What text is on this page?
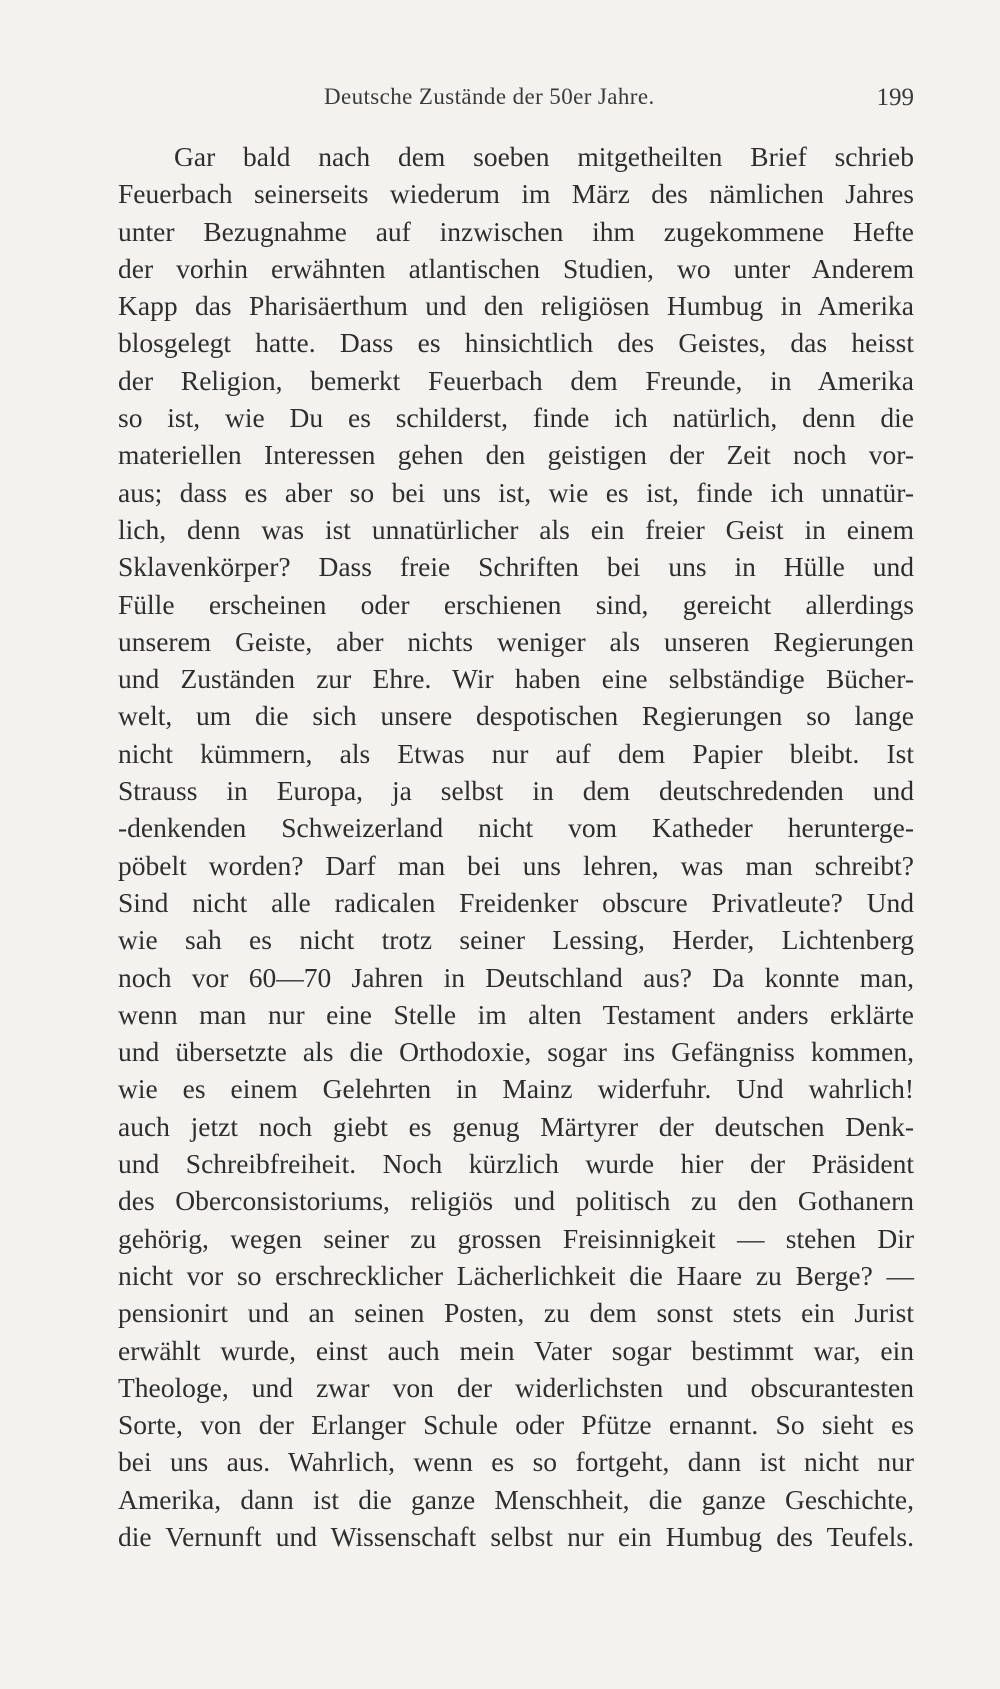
Deutsche Zustände der 50er Jahre.	199
Gar bald nach dem soeben mitgetheilten Brief schrieb
Feuerbach seinerseits wiederum im März des nämlichen Jahres
unter Bezugnahme auf inzwischen ihm zugekommene Hefte
der vorhin erwähnten atlantischen Studien, wo unter Anderem
Kapp das Pharisäerthum und den religiösen Humbug in Amerika
blosgelegt hatte. Dass es hinsichtlich des Geistes, das heisst
der Religion, bemerkt Feuerbach dem Freunde, in Amerika
so ist, wie Du es schilderst, finde ich natürlich, denn die
materiellen Interessen gehen den geistigen der Zeit noch vor-
aus; dass es aber so bei uns ist, wie es ist, finde ich unnatür-
lich, denn was ist unnatürlicher als ein freier Geist in einem
Sklavenkörper? Dass freie Schriften bei uns in Hülle und
Fülle erscheinen oder erschienen sind, gereicht allerdings
unserem Geiste, aber nichts weniger als unseren Regierungen
und Zuständen zur Ehre. Wir haben eine selbständige Bücher-
welt, um die sich unsere despotischen Regierungen so lange
nicht kümmern, als Etwas nur auf dem Papier bleibt. Ist
Strauss in Europa, ja selbst in dem deutschredenden und
-denkenden Schweizerland nicht vom Katheder herunterge-
pöbelt worden? Darf man bei uns lehren, was man schreibt?
Sind nicht alle radicalen Freidenker obscure Privatleute? Und
wie sah es nicht trotz seiner Lessing, Herder, Lichtenberg
noch vor 60—70 Jahren in Deutschland aus? Da konnte man,
wenn man nur eine Stelle im alten Testament anders erklärte
und übersetzte als die Orthodoxie, sogar ins Gefängniss kommen,
wie es einem Gelehrten in Mainz widerfuhr. Und wahrlich!
auch jetzt noch giebt es genug Märtyrer der deutschen Denk-
und Schreibfreiheit. Noch kürzlich wurde hier der Präsident
des Oberconsistoriums, religiös und politisch zu den Gothanern
gehörig, wegen seiner zu grossen Freisinnigkeit — stehen Dir
nicht vor so erschrecklicher Lächerlichkeit die Haare zu Berge? —
pensionirt und an seinen Posten, zu dem sonst stets ein Jurist
erwählt wurde, einst auch mein Vater sogar bestimmt war, ein
Theologe, und zwar von der widerlichsten und obscurantesten
Sorte, von der Erlanger Schule oder Pfütze ernannt. So sieht es
bei uns aus. Wahrlich, wenn es so fortgeht, dann ist nicht nur
Amerika, dann ist die ganze Menschheit, die ganze Geschichte,
die Vernunft und Wissenschaft selbst nur ein Humbug des Teufels.
